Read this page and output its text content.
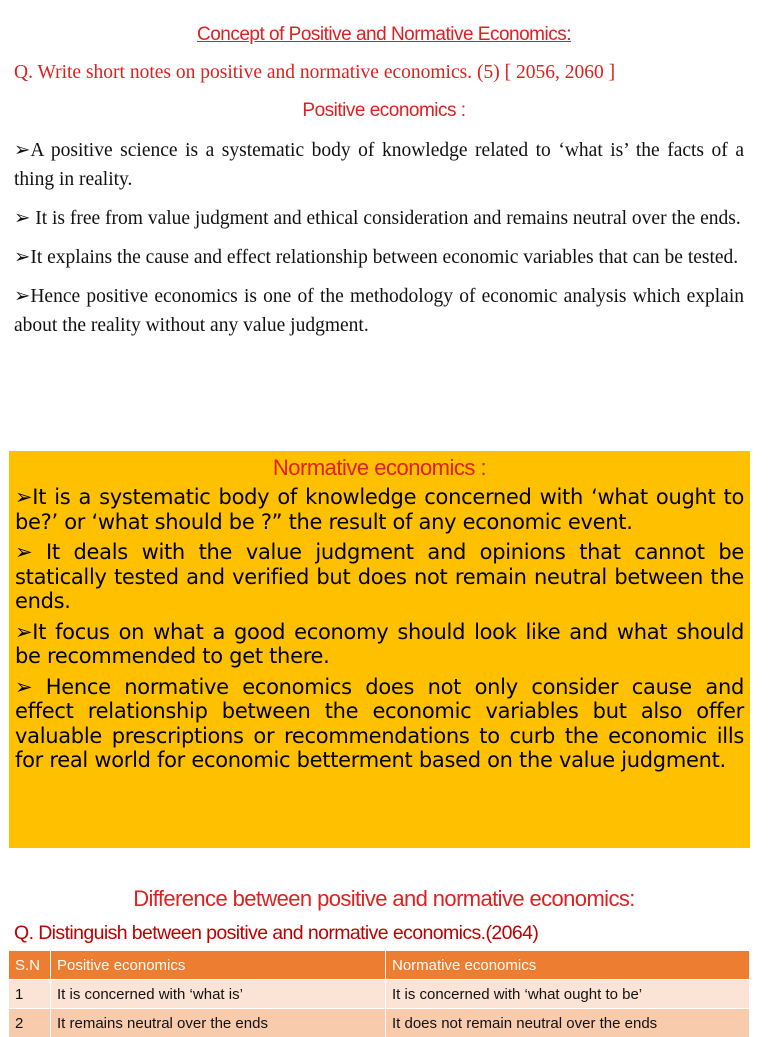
Concept of Positive and Normative Economics:
Q. Write short notes on positive and normative economics. (5) [ 2056, 2060 ]
Positive economics :

➢A positive science is a systematic body of knowledge related to ‘what is’ the facts of a thing in reality.

➢ It is free from value judgment and ethical consideration and remains neutral over the ends.

➢It explains the cause and effect relationship between economic variables that can be tested.

➢Hence positive economics is one of the methodology of economic analysis which explain about the reality without any value judgment.

Normative economics :

➢It is a systematic body of knowledge concerned with ‘what ought to be?’ or ‘what should be ?” the result of any economic event.

➢ It deals with the value judgment and opinions that cannot be statically tested and verified but does not remain neutral between the ends.

➢It focus on what a good economy should look like and what should be recommended to get there.

➢ Hence normative economics does not only consider cause and effect relationship between the economic variables but also offer valuable prescriptions or recommendations to curb the economic ills for real world for economic betterment based on the value judgment.

Difference between positive and normative economics:
Q. Distinguish between positive and normative economics.(2064)
S.N	Positive economics	Normative economics
1	It is concerned with ‘what is’	It is concerned with ‘what ought to be’
2	It remains neutral over the ends	It does not remain neutral over the ends
